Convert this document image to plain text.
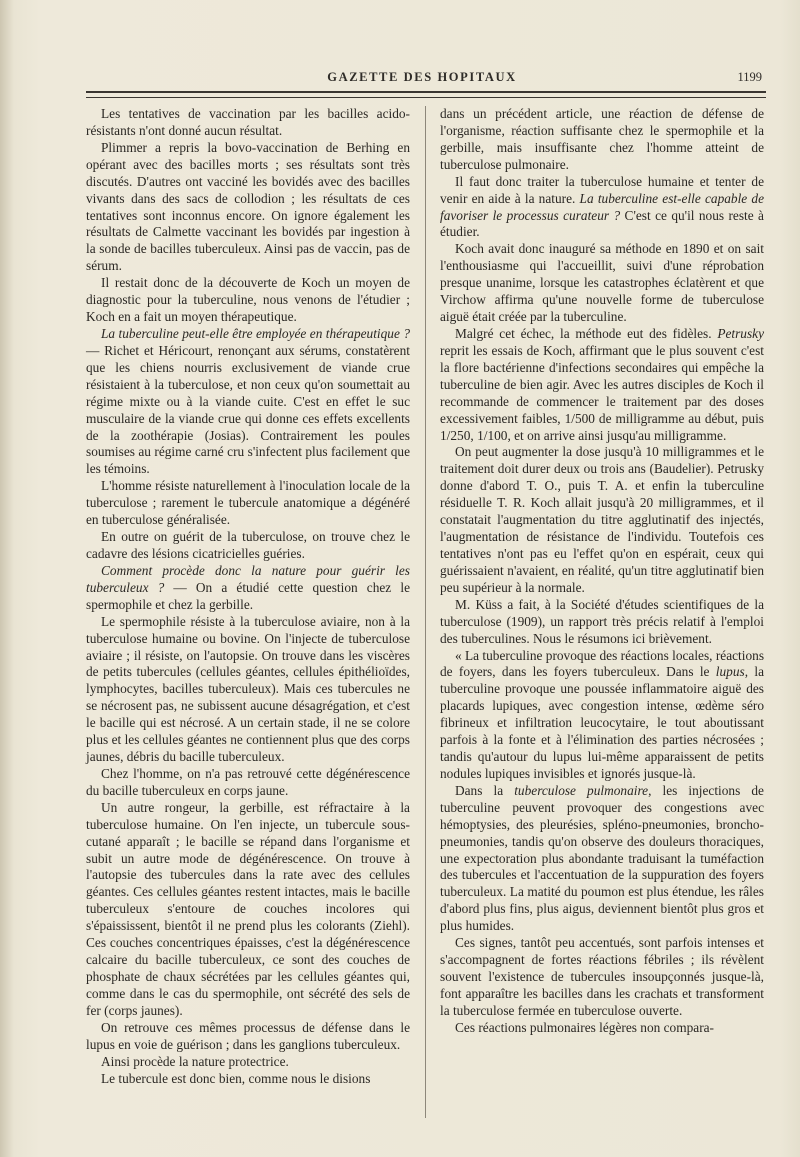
GAZETTE DES HOPITAUX	1199

Les tentatives de vaccination par les bacilles acido-résistants n'ont donné aucun résultat.

Plimmer a repris la bovo-vaccination de Berhing en opérant avec des bacilles morts ; ses résultats sont très discutés. D'autres ont vacciné les bovidés avec des bacilles vivants dans des sacs de collodion ; les résultats de ces tentatives sont inconnus encore. On ignore également les résultats de Calmette vaccinant les bovidés par ingestion à la sonde de bacilles tuberculeux. Ainsi pas de vaccin, pas de sérum.

Il restait donc de la découverte de Koch un moyen de diagnostic pour la tuberculine, nous venons de l'étudier ; Koch en a fait un moyen thérapeutique.

La tuberculine peut-elle être employée en thérapeutique ? — Richet et Héricourt, renonçant aux sérums, constatèrent que les chiens nourris exclusivement de viande crue résistaient à la tuberculose, et non ceux qu'on soumettait au régime mixte ou à la viande cuite. C'est en effet le suc musculaire de la viande crue qui donne ces effets excellents de la zoothérapie (Josias). Contrairement les poules soumises au régime carné cru s'infectent plus facilement que les témoins.

L'homme résiste naturellement à l'inoculation locale de la tuberculose ; rarement le tubercule anatomique a dégénéré en tuberculose généralisée.

En outre on guérit de la tuberculose, on trouve chez le cadavre des lésions cicatricielles guéries.

Comment procède donc la nature pour guérir les tuberculeux ? — On a étudié cette question chez le spermophile et chez la gerbille.

Le spermophile résiste à la tuberculose aviaire, non à la tuberculose humaine ou bovine. On l'injecte de tuberculose aviaire ; il résiste, on l'autopsie. On trouve dans les viscères de petits tubercules (cellules géantes, cellules épithélioïdes, lymphocytes, bacilles tuberculeux). Mais ces tubercules ne se nécrosent pas, ne subissent aucune désagrégation, et c'est le bacille qui est nécrosé. A un certain stade, il ne se colore plus et les cellules géantes ne contiennent plus que des corps jaunes, débris du bacille tuberculeux.

Chez l'homme, on n'a pas retrouvé cette dégénérescence du bacille tuberculeux en corps jaune.

Un autre rongeur, la gerbille, est réfractaire à la tuberculose humaine. On l'en injecte, un tubercule sous-cutané apparaît ; le bacille se répand dans l'organisme et subit un autre mode de dégénérescence. On trouve à l'autopsie des tubercules dans la rate avec des cellules géantes. Ces cellules géantes restent intactes, mais le bacille tuberculeux s'entoure de couches incolores qui s'épaississent, bientôt il ne prend plus les colorants (Ziehl). Ces couches concentriques épaisses, c'est la dégénérescence calcaire du bacille tuberculeux, ce sont des couches de phosphate de chaux sécrétées par les cellules géantes qui, comme dans le cas du spermophile, ont sécrété des sels de fer (corps jaunes).

On retrouve ces mêmes processus de défense dans le lupus en voie de guérison ; dans les ganglions tuberculeux.

Ainsi procède la nature protectrice.

Le tubercule est donc bien, comme nous le disions

dans un précédent article, une réaction de défense de l'organisme, réaction suffisante chez le spermophile et la gerbille, mais insuffisante chez l'homme atteint de tuberculose pulmonaire.

Il faut donc traiter la tuberculose humaine et tenter de venir en aide à la nature. La tuberculine est-elle capable de favoriser le processus curateur ? C'est ce qu'il nous reste à étudier.

Koch avait donc inauguré sa méthode en 1890 et on sait l'enthousiasme qui l'accueillit, suivi d'une réprobation presque unanime, lorsque les catastrophes éclatèrent et que Virchow affirma qu'une nouvelle forme de tuberculose aiguë était créée par la tuberculine.

Malgré cet échec, la méthode eut des fidèles. Petrusky reprit les essais de Koch, affirmant que le plus souvent c'est la flore bactérienne d'infections secondaires qui empêche la tuberculine de bien agir. Avec les autres disciples de Koch il recommande de commencer le traitement par des doses excessivement faibles, 1/500 de milligramme au début, puis 1/250, 1/100, et on arrive ainsi jusqu'au milligramme.

On peut augmenter la dose jusqu'à 10 milligrammes et le traitement doit durer deux ou trois ans (Baudelier). Petrusky donne d'abord T. O., puis T. A. et enfin la tuberculine résiduelle T. R. Koch allait jusqu'à 20 milligrammes, et il constatait l'augmentation du titre agglutinatif des injectés, l'augmentation de résistance de l'individu. Toutefois ces tentatives n'ont pas eu l'effet qu'on en espérait, ceux qui guérissaient n'avaient, en réalité, qu'un titre agglutinatif bien peu supérieur à la normale.

M. Küss a fait, à la Société d'études scientifiques de la tuberculose (1909), un rapport très précis relatif à l'emploi des tuberculines. Nous le résumons ici brièvement.

« La tuberculine provoque des réactions locales, réactions de foyers, dans les foyers tuberculeux. Dans le lupus, la tuberculine provoque une poussée inflammatoire aiguë des placards lupiques, avec congestion intense, œdème séro fibrineux et infiltration leucocytaire, le tout aboutissant parfois à la fonte et à l'élimination des parties nécrosées ; tandis qu'autour du lupus lui-même apparaissent de petits nodules lupiques invisibles et ignorés jusque-là.

Dans la tuberculose pulmonaire, les injections de tuberculine peuvent provoquer des congestions avec hémoptysies, des pleurésies, spléno-pneumonies, broncho-pneumonies, tandis qu'on observe des douleurs thoraciques, une expectoration plus abondante traduisant la tuméfaction des tubercules et l'accentuation de la suppuration des foyers tuberculeux. La matité du poumon est plus étendue, les râles d'abord plus fins, plus aigus, deviennent bientôt plus gros et plus humides.

Ces signes, tantôt peu accentués, sont parfois intenses et s'accompagnent de fortes réactions fébriles ; ils révèlent souvent l'existence de tubercules insoupçonnés jusque-là, font apparaître les bacilles dans les crachats et transforment la tuberculose fermée en tuberculose ouverte.

Ces réactions pulmonaires légères non compara-
